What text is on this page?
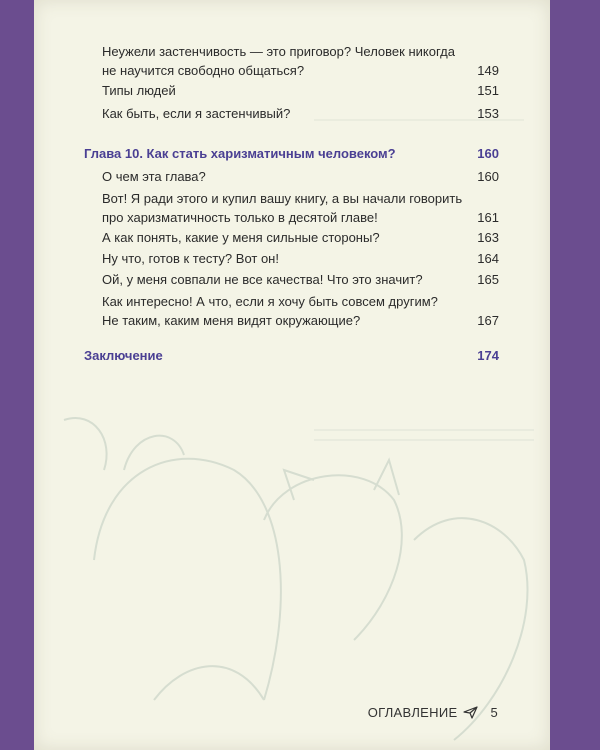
Неужели застенчивость — это приговор? Человек никогда
не научится свободно общаться?	149
Типы людей	151
Как быть, если я застенчивый?	153
Глава 10. Как стать харизматичным человеком?	160
О чем эта глава?	160
Вот! Я ради этого и купил вашу книгу, а вы начали говорить
про харизматичность только в десятой главе!	161
А как понять, какие у меня сильные стороны?	163
Ну что, готов к тесту? Вот он!	164
Ой, у меня совпали не все качества! Что это значит?	165
Как интересно! А что, если я хочу быть совсем другим?
Не таким, каким меня видят окружающие?	167
Заключение	174
ОГЛАВЛЕНИЕ	5
